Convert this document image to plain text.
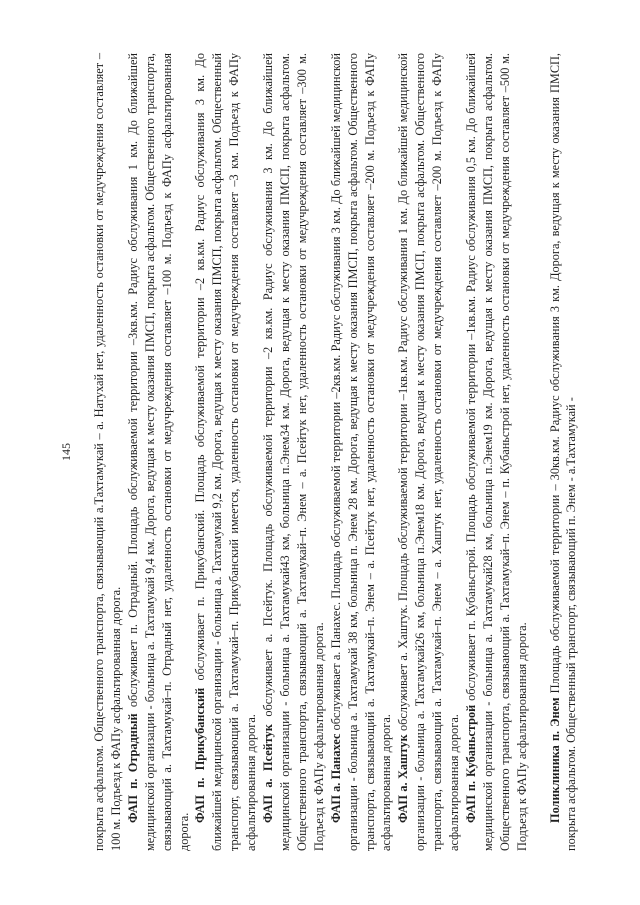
145 покрыта асфальтом. Общественного транспорта, связывающий а.Тахтамукай – а. Натухай нет, удаленность остановки от медучреждения составляет –100 м. Подъезд к ФАПу асфальтированная дорога. ФАП п. Отрадный обслуживает п. Отрадный. Площадь обслуживаемой территории –3кв.км. Радиус обслуживания 1 км. До ближайшей медицинской организации - больница а. Тахтамукай 9,4 км. Дорога, ведущая к месту оказания ПМСП, покрыта асфальтом. Общественного транспорта, связывающий а. Тахтамукай–п. Отрадный нет, удаленность остановки от медучреждения составляет –100 м. Подъезд к ФАПу асфальтированная дорога.

ФАП п. Прикубанский обслуживает п. Прикубанский. Площадь обслуживаемой территории –2 кв.км. Радиус обслуживания 3 км. До ближайшей медицинской организации - больница а. Тахтамукай 9,2 км. Дорога, ведущая к месту оказания ПМСП, покрыта асфальтом. Общественный транспорт, связывающий а. Тахтамукай–п. Прикубанский имеется, удаленность остановки от медучреждения составляет –3 км. Подъезд к ФАПу асфальтированная дорога. ФАП а. Псейтук обслуживает а. Псейтук. Площадь обслуживаемой территории –2 кв.км. Радиус обслуживания 3 км. До ближайшей медицинской организации - больница а. Тахтамукай43 км, больница п.Энем34 км. Дорога, ведущая к месту оказания ПМСП, покрыта асфальтом. Общественного транспорта, связывающий а. Тахтамукай–п. Энем – а. Псейтук нет, удаленность остановки от медучреждения составляет –300 м. Подъезд к ФАПу асфальтированная дорога. ФАП а. Панахес обслуживает а. Панахес. Площадь обслуживаемой территории –2кв.км. Радиус обслуживания 3 км. До ближайшей медицинской организации - больница а. Тахтамукай 38 км, больница п. Энем 28 км. Дорога, ведущая к месту оказания ПМСП, покрыта асфальтом. Общественного транспорта, связывающий а. Тахтамукай–п. Энем – а. Псейтук нет, удаленность остановки от медучреждения составляет –200 м. Подъезд к ФАПу асфальтированная дорога. ФАП а. Хаштук обслуживает а. Хаштук. Площадь обслуживаемой территории –1кв.км. Радиус обслуживания 1 км. До ближайшей медицинской организации - больница а. Тахтамукай26 км, больница п.Энем18 км. Дорога, ведущая к месту оказания ПМСП, покрыта асфальтом. Общественного транспорта, связывающий а. Тахтамукай–п. Энем – а. Хаштук нет, удаленность остановки от медучреждения составляет –200 м. Подъезд к ФАПу асфальтированная дорога. ФАП п. Кубаньстрой обслуживает п. Кубаньстрой. Площадь обслуживаемой территории –1кв.км. Радиус обслуживания 0,5 км. До ближайшей медицинской организации - больница а. Тахтамукай28 км, больница п.Энем19 км. Дорога, ведущая к месту оказания ПМСП, покрыта асфальтом. Общественного транспорта, связывающий а. Тахтамукай–п. Энем – п. Кубаньстрой нет, удаленность остановки от медучреждения составляет –500 м. Подъезд к ФАПу асфальтированная дорога. Поликлиника п. Энем Площадь обслуживаемой территории – 30кв.км. Радиус обслуживания 3 км. Дорога, ведущая к месту оказания ПМСП, покрыта асфальтом. Общественный транспорт, связывающий п. Энем - а.Тахтамукай -
